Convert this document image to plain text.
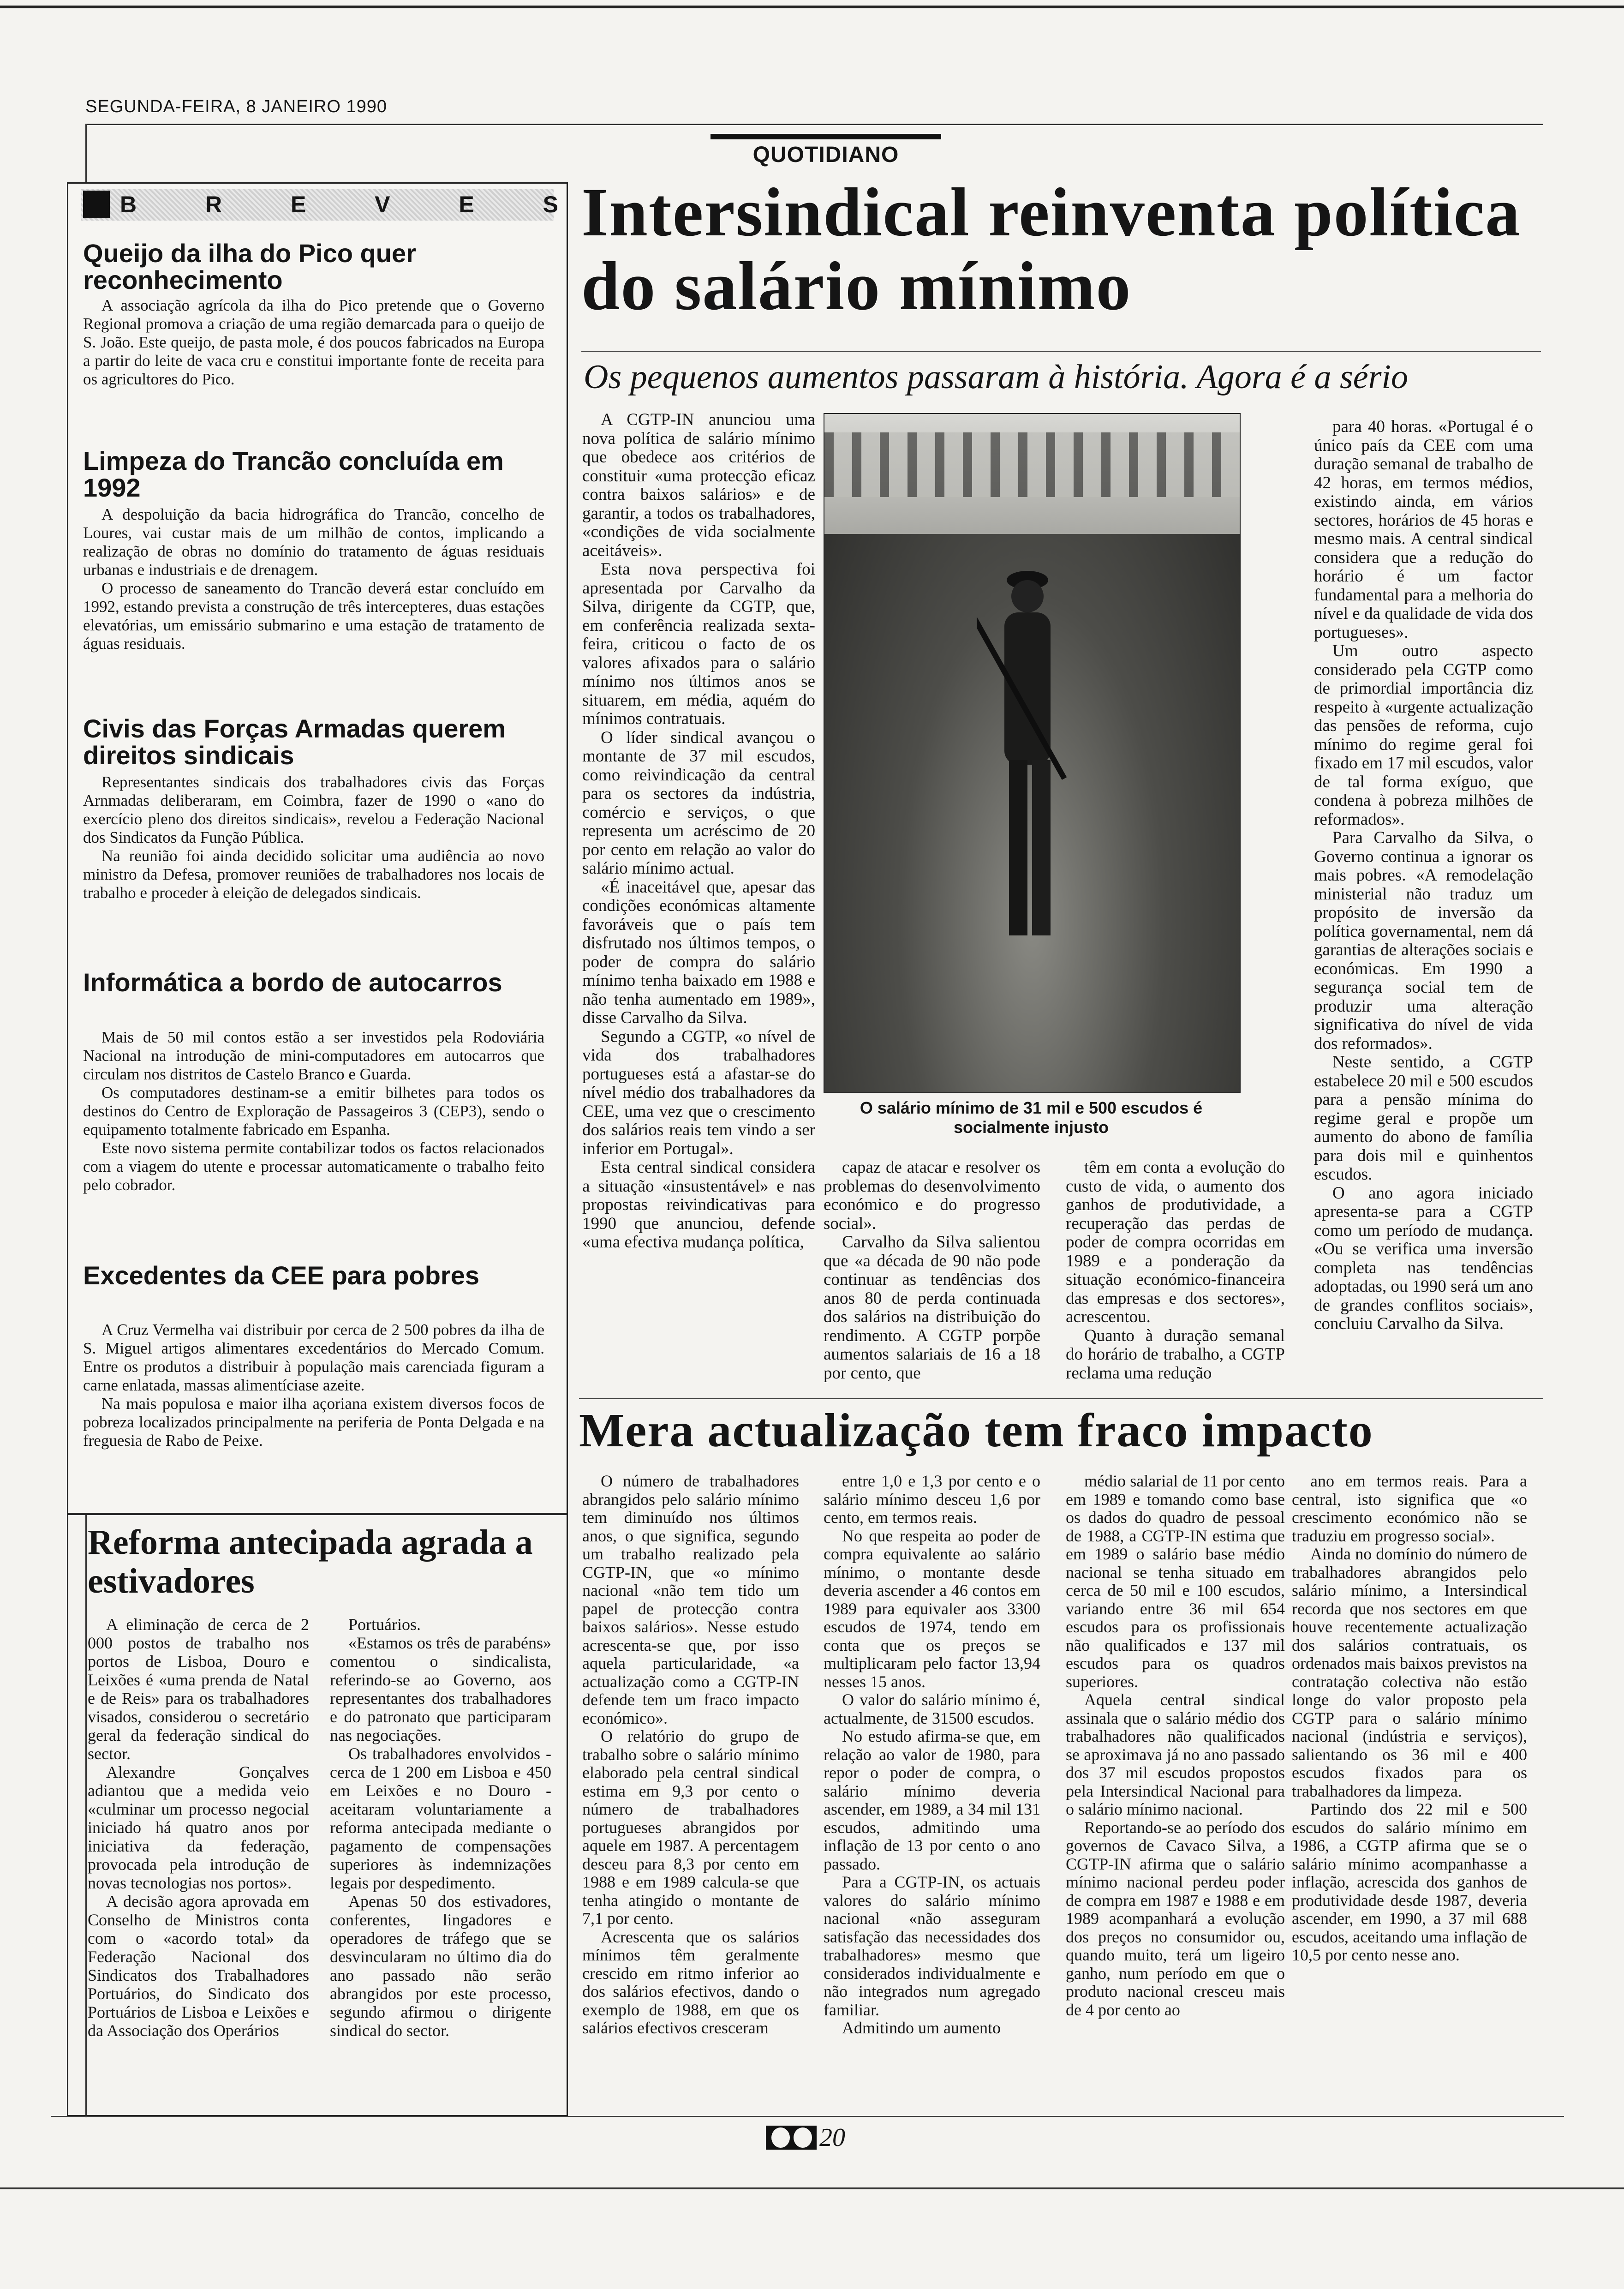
SEGUNDA-FEIRA, 8 JANEIRO 1990
QUOTIDIANO
B	R	E	V	E	S
Queijo da ilha do Pico quer reconhecimento

A associação agrícola da ilha do Pico pretende que o Governo Regional promova a criação de uma região demarcada para o queijo de S. João. Este queijo, de pasta mole, é dos poucos fabricados na Europa a partir do leite de vaca cru e constitui importante fonte de receita para os agricultores do Pico.

Limpeza do Trancão concluída em 1992

A despoluição da bacia hidrográfica do Trancão, concelho de Loures, vai custar mais de um milhão de contos, implicando a realização de obras no domínio do tratamento de águas residuais urbanas e industriais e de drenagem.

O processo de saneamento do Trancão deverá estar concluído em 1992, estando prevista a construção de três intercepteres, duas estações elevatórias, um emissário submarino e uma estação de tratamento de águas residuais.

Civis das Forças Armadas querem direitos sindicais

Representantes sindicais dos trabalhadores civis das Forças Arnmadas deliberaram, em Coimbra, fazer de 1990 o «ano do exercício pleno dos direitos sindicais», revelou a Federação Nacional dos Sindicatos da Função Pública.

Na reunião foi ainda decidido solicitar uma audiência ao novo ministro da Defesa, promover reuniões de trabalhadores nos locais de trabalho e proceder à eleição de delegados sindicais.

Informática a bordo de autocarros

Mais de 50 mil contos estão a ser investidos pela Rodoviária Nacional na introdução de mini-computadores em autocarros que circulam nos distritos de Castelo Branco e Guarda.

Os computadores destinam-se a emitir bilhetes para todos os destinos do Centro de Exploração de Passageiros 3 (CEP3), sendo o equipamento totalmente fabricado em Espanha.

Este novo sistema permite contabilizar todos os factos relacionados com a viagem do utente e processar automaticamente o trabalho feito pelo cobrador.

Excedentes da CEE para pobres

A Cruz Vermelha vai distribuir por cerca de 2 500 pobres da ilha de S. Miguel artigos alimentares excedentários do Mercado Comum. Entre os produtos a distribuir à população mais carenciada figuram a carne enlatada, massas alimentíciase azeite.

Na mais populosa e maior ilha açoriana existem diversos focos de pobreza localizados principalmente na periferia de Ponta Delgada e na freguesia de Rabo de Peixe.

Intersindical reinventa política do salário mínimo
Os pequenos aumentos passaram à história. Agora é a sério

A CGTP-IN anunciou uma nova política de salário mínimo que obedece aos critérios de constituir «uma protecção eficaz contra baixos salários» e de garantir, a todos os trabalhadores, «condições de vida socialmente aceitáveis».

Esta nova perspectiva foi apresentada por Carvalho da Silva, dirigente da CGTP, que, em conferência realizada sexta-feira, criticou o facto de os valores afixados para o salário mínimo nos últimos anos se situarem, em média, aquém do mínimos contratuais.

O líder sindical avançou o montante de 37 mil escudos, como reivindicação da central para os sectores da indústria, comércio e serviços, o que representa um acréscimo de 20 por cento em relação ao valor do salário mínimo actual.

«É inaceitável que, apesar das condições económicas altamente favoráveis que o país tem disfrutado nos últimos tempos, o poder de compra do salário mínimo tenha baixado em 1988 e não tenha aumentado em 1989», disse Carvalho da Silva.

Segundo a CGTP, «o nível de vida dos trabalhadores portugueses está a afastar-se do nível médio dos trabalhadores da CEE, uma vez que o crescimento dos salários reais tem vindo a ser inferior em Portugal».

Esta central sindical considera a situação «insustentável» e nas propostas reivindicativas para 1990 que anunciou, defende «uma efectiva mudança política,

O salário mínimo de 31 mil e 500 escudos é socialmente injusto

capaz de atacar e resolver os problemas do desenvolvimento económico e do progresso social».

Carvalho da Silva salientou que «a década de 90 não pode continuar as tendências dos anos 80 de perda continuada dos salários na distribuição do rendimento. A CGTP porpõe aumentos salariais de 16 a 18 por cento, que

têm em conta a evolução do custo de vida, o aumento dos ganhos de produtividade, a recuperação das perdas de poder de compra ocorridas em 1989 e a ponderação da situação económico-financeira das empresas e dos sectores», acrescentou.

Quanto à duração semanal do horário de trabalho, a CGTP reclama uma redução

para 40 horas. «Portugal é o único país da CEE com uma duração semanal de trabalho de 42 horas, em termos médios, existindo ainda, em vários sectores, horários de 45 horas e mesmo mais. A central sindical considera que a redução do horário é um factor fundamental para a melhoria do nível e da qualidade de vida dos portugueses».

Um outro aspecto considerado pela CGTP como de primordial importância diz respeito à «urgente actualização das pensões de reforma, cujo mínimo do regime geral foi fixado em 17 mil escudos, valor de tal forma exíguo, que condena à pobreza milhões de reformados».

Para Carvalho da Silva, o Governo continua a ignorar os mais pobres. «A remodelação ministerial não traduz um propósito de inversão da política governamental, nem dá garantias de alterações sociais e económicas. Em 1990 a segurança social tem de produzir uma alteração significativa do nível de vida dos reformados».

Neste sentido, a CGTP estabelece 20 mil e 500 escudos para a pensão mínima do regime geral e propõe um aumento do abono de família para dois mil e quinhentos escudos.

O ano agora iniciado apresenta-se para a CGTP como um período de mudança. «Ou se verifica uma inversão completa nas tendências adoptadas, ou 1990 será um ano de grandes conflitos sociais», concluiu Carvalho da Silva.

Mera actualização tem fraco impacto

O número de trabalhadores abrangidos pelo salário mínimo tem diminuído nos últimos anos, o que significa, segundo um trabalho realizado pela CGTP-IN, que «o mínimo nacional «não tem tido um papel de protecção contra baixos salários». Nesse estudo acrescenta-se que, por isso aquela particularidade, «a actualização como a CGTP-IN defende tem um fraco impacto económico».

O relatório do grupo de trabalho sobre o salário mínimo elaborado pela central sindical estima em 9,3 por cento o número de trabalhadores portugueses abrangidos por aquele em 1987. A percentagem desceu para 8,3 por cento em 1988 e em 1989 calcula-se que tenha atingido o montante de 7,1 por cento.

Acrescenta que os salários mínimos têm geralmente crescido em ritmo inferior ao dos salários efectivos, dando o exemplo de 1988, em que os salários efectivos cresceram

entre 1,0 e 1,3 por cento e o salário mínimo desceu 1,6 por cento, em termos reais.

No que respeita ao poder de compra equivalente ao salário mínimo, o montante desde deveria ascender a 46 contos em 1989 para equivaler aos 3300 escudos de 1974, tendo em conta que os preços se multiplicaram pelo factor 13,94 nesses 15 anos.

O valor do salário mínimo é, actualmente, de 31500 escudos.

No estudo afirma-se que, em relação ao valor de 1980, para repor o poder de compra, o salário mínimo deveria ascender, em 1989, a 34 mil 131 escudos, admitindo uma inflação de 13 por cento o ano passado.

Para a CGTP-IN, os actuais valores do salário mínimo nacional «não asseguram satisfação das necessidades dos trabalhadores» mesmo que considerados individualmente e não integrados num agregado familiar.

Admitindo um aumento

médio salarial de 11 por cento em 1989 e tomando como base os dados do quadro de pessoal de 1988, a CGTP-IN estima que em 1989 o salário base médio nacional se tenha situado em cerca de 50 mil e 100 escudos, variando entre 36 mil 654 escudos para os profissionais não qualificados e 137 mil escudos para os quadros superiores.

Aquela central sindical assinala que o salário médio dos trabalhadores não qualificados se aproximava já no ano passado dos 37 mil escudos propostos pela Intersindical Nacional para o salário mínimo nacional.

Reportando-se ao período dos governos de Cavaco Silva, a CGTP-IN afirma que o salário mínimo nacional perdeu poder de compra em 1987 e 1988 e em 1989 acompanhará a evolução dos preços no consumidor ou, quando muito, terá um ligeiro ganho, num período em que o produto nacional cresceu mais de 4 por cento ao

ano em termos reais. Para a central, isto significa que «o crescimento económico não se traduziu em progresso social».

Ainda no domínio do número de trabalhadores abrangidos pelo salário mínimo, a Intersindical recorda que nos sectores em que houve recentemente actualização dos salários contratuais, os ordenados mais baixos previstos na contratação colectiva não estão longe do valor proposto pela CGTP para o salário mínimo nacional (indústria e serviços), salientando os 36 mil e 400 escudos fixados para os trabalhadores da limpeza.

Partindo dos 22 mil e 500 escudos do salário mínimo em 1986, a CGTP afirma que se o salário mínimo acompanhasse a inflação, acrescida dos ganhos de produtividade desde 1987, deveria ascender, em 1990, a 37 mil 688 escudos, aceitando uma inflação de 10,5 por cento nesse ano.

Reforma antecipada agrada a estivadores

A eliminação de cerca de 2 000 postos de trabalho nos portos de Lisboa, Douro e Leixões é «uma prenda de Natal e de Reis» para os trabalhadores visados, considerou o secretário geral da federação sindical do sector.

Alexandre Gonçalves adiantou que a medida veio «culminar um processo negocial iniciado há quatro anos por iniciativa da federação, provocada pela introdução de novas tecnologias nos portos».

A decisão agora aprovada em Conselho de Ministros conta com o «acordo total» da Federação Nacional dos Sindicatos dos Trabalhadores Portuários, do Sindicato dos Portuários de Lisboa e Leixões e da Associação dos Operários

Portuários.

«Estamos os três de parabéns» comentou o sindicalista, referindo-se ao Governo, aos representantes dos trabalhadores e do patronato que participaram nas negociações.

Os trabalhadores envolvidos - cerca de 1 200 em Lisboa e 450 em Leixões e no Douro - aceitaram voluntariamente a reforma antecipada mediante o pagamento de compensações superiores às indemnizações legais por despedimento.

Apenas 50 dos estivadores, conferentes, lingadores e operadores de tráfego que se desvincularam no último dia do ano passado não serão abrangidos por este processo, segundo afirmou o dirigente sindical do sector.

20
